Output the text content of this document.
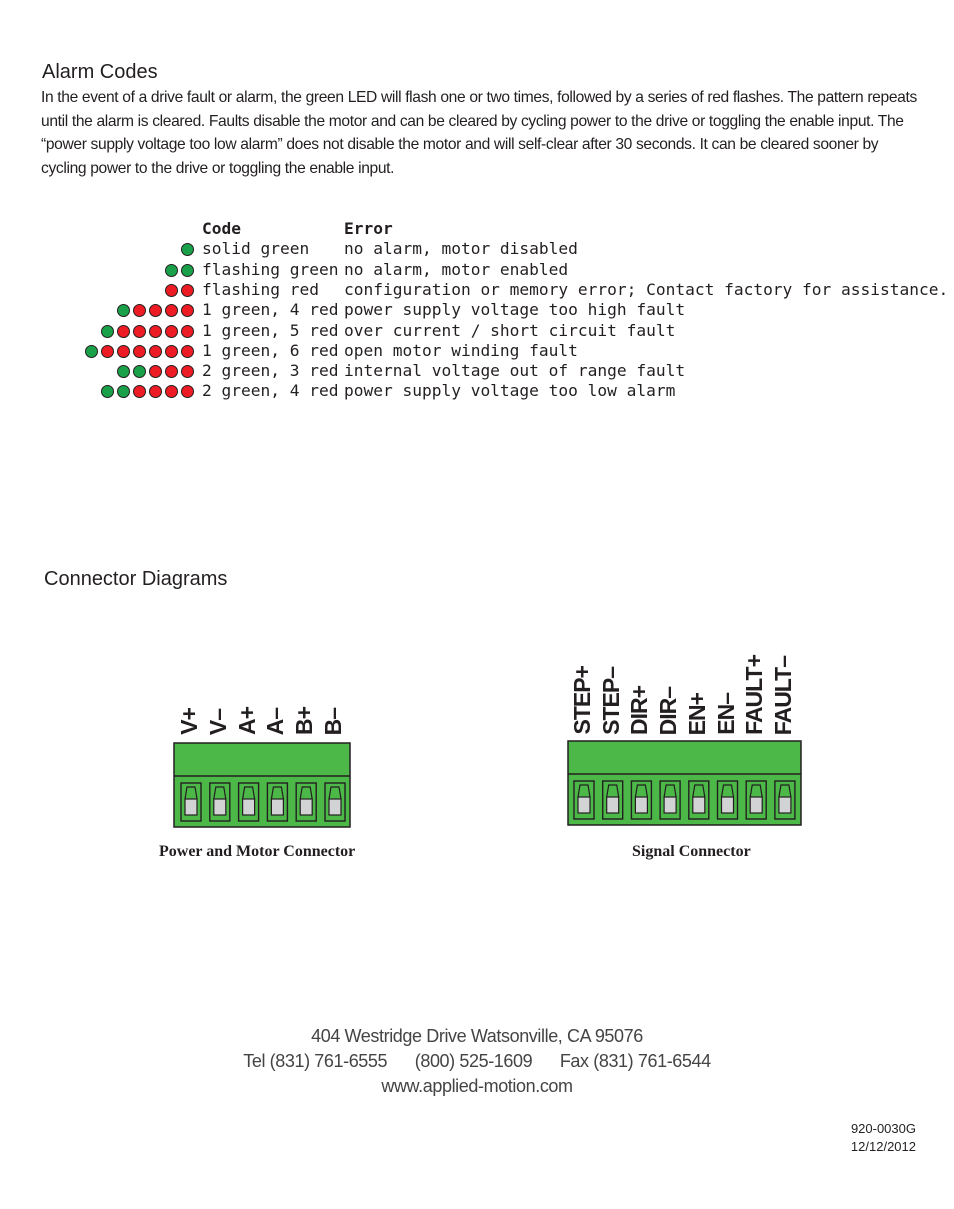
Alarm Codes
In the event of a drive fault or alarm, the green LED will flash one or two times, followed by a series of red flashes. The pattern repeats until the alarm is cleared. Faults disable the motor and can be cleared by cycling power to the drive or toggling the enable input. The “power supply voltage too low alarm” does not disable the motor and will self-clear after 30 seconds. It can be cleared sooner by cycling power to the drive or toggling the enable input.
Code	Error
solid green no alarm, motor disabled
flashing green no alarm, motor enabled
flashing red configuration or memory error; Contact factory for assistance.
1 green, 4 red power supply voltage too high fault
1 green, 5 red over current / short circuit fault
1 green, 6 red open motor winding fault
2 green, 3 red internal voltage out of range fault
2 green, 4 red power supply voltage too low alarm
Connector Diagrams
V+ V– A+ A– B+ B–
Power and Motor Connector
STEP+ STEP– DIR+ DIR– EN+ EN– FAULT+ FAULT–
Signal Connector
404 Westridge Drive Watsonville, CA 95076
Tel (831) 761-6555      (800) 525-1609      Fax (831) 761-6544
www.applied-motion.com
920-0030G
12/12/2012
